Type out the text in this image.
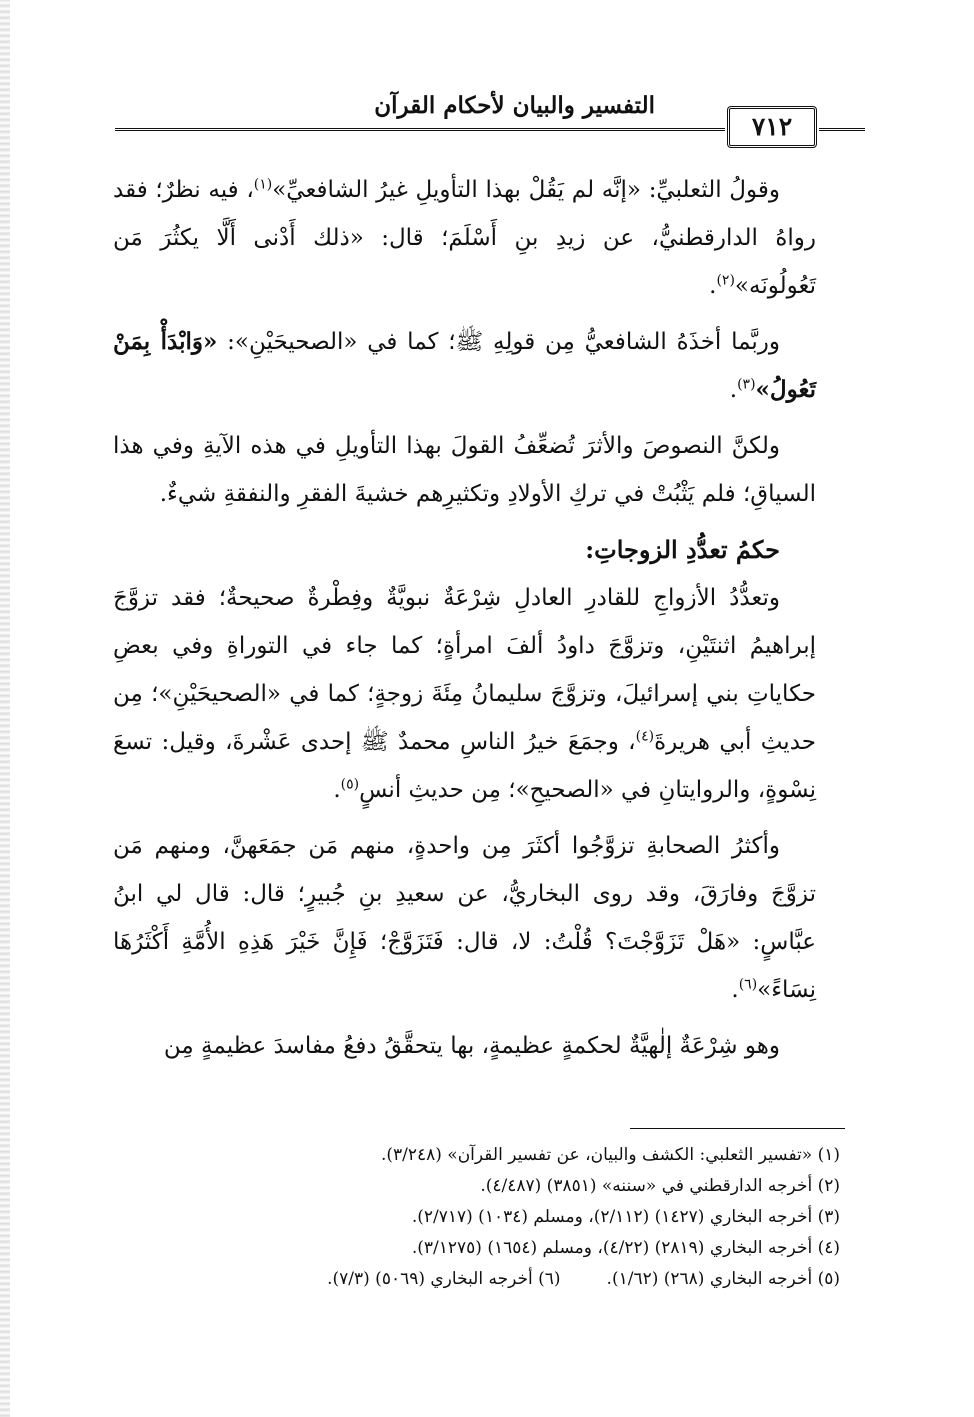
التفسير والبيان لأحكام القرآن
٧١٢

وقولُ الثعلبيِّ: «إنَّه لم يَقُلْ بهذا التأويلِ غيرُ الشافعيِّ»$^{(١)}$، فيه نظرٌ؛ فقد رواهُ الدارقطنيُّ، عن زيدِ بنِ أَسْلَمَ؛ قال: «ذلك أَدْنى أَلَّا يكثُرَ مَن تَعُولُونَه»$^{(٢)}$.

وربَّما أخذَهُ الشافعيُّ مِن قولِهِ ﷺ؛ كما في «الصحيحَيْنِ»: «وَابْدَأْ بِمَنْ تَعُولُ»$^{(٣)}$.

ولكنَّ النصوصَ والأثرَ تُضعِّفُ القولَ بهذا التأويلِ في هذه الآيةِ وفي هذا السياقِ؛ فلم يَثْبُتْ في تركِ الأولادِ وتكثيرِهم خشيةَ الفقرِ والنفقةِ شيءٌ.

حكمُ تعدُّدِ الزوجاتِ:

وتعدُّدُ الأزواجِ للقادرِ العادلِ شِرْعَةٌ نبويَّةٌ وفِطْرةٌ صحيحةٌ؛ فقد تزوَّجَ إبراهيمُ اثنتَيْنِ، وتزوَّجَ داودُ ألفَ امرأةٍ؛ كما جاء في التوراةِ وفي بعضِ حكاياتِ بني إسرائيلَ، وتزوَّجَ سليمانُ مِئَةَ زوجةٍ؛ كما في «الصحيحَيْنِ»؛ مِن حديثِ أبي هريرةَ$^{(٤)}$، وجمَعَ خيرُ الناسِ محمدٌ ﷺ إحدى عَشْرةَ، وقيل: تسعَ نِسْوةٍ، والروايتانِ في «الصحيحِ»؛ مِن حديثِ أنسٍ$^{(٥)}$.

وأكثرُ الصحابةِ تزوَّجُوا أكثَرَ مِن واحدةٍ، منهم مَن جمَعَهنَّ، ومنهم مَن تزوَّجَ وفارَقَ، وقد روى البخاريُّ، عن سعيدِ بنِ جُبيرٍ؛ قال: قال لي ابنُ عبَّاسٍ: «هَلْ تَزَوَّجْتَ؟ قُلْتُ: لا، قال: فَتَزَوَّجْ؛ فَإِنَّ خَيْرَ هَذِهِ الأُمَّةِ أَكْثَرُهَا نِسَاءً»$^{(٦)}$.

وهو شِرْعَةٌ إلٰهيَّةٌ لحكمةٍ عظيمةٍ، بها يتحقَّقُ دفعُ مفاسدَ عظيمةٍ مِن

(١) «تفسير الثعلبي: الكشف والبيان، عن تفسير القرآن» (٣/٢٤٨).
(٢) أخرجه الدارقطني في «سننه» (٣٨٥١) (٤/٤٨٧).
(٣) أخرجه البخاري (١٤٢٧) (٢/١١٢)، ومسلم (١٠٣٤) (٢/٧١٧).
(٤) أخرجه البخاري (٢٨١٩) (٤/٢٢)، ومسلم (١٦٥٤) (٣/١٢٧٥).
(٥) أخرجه البخاري (٢٦٨) (١/٦٢).(٦) أخرجه البخاري (٥٠٦٩) (٧/٣).
